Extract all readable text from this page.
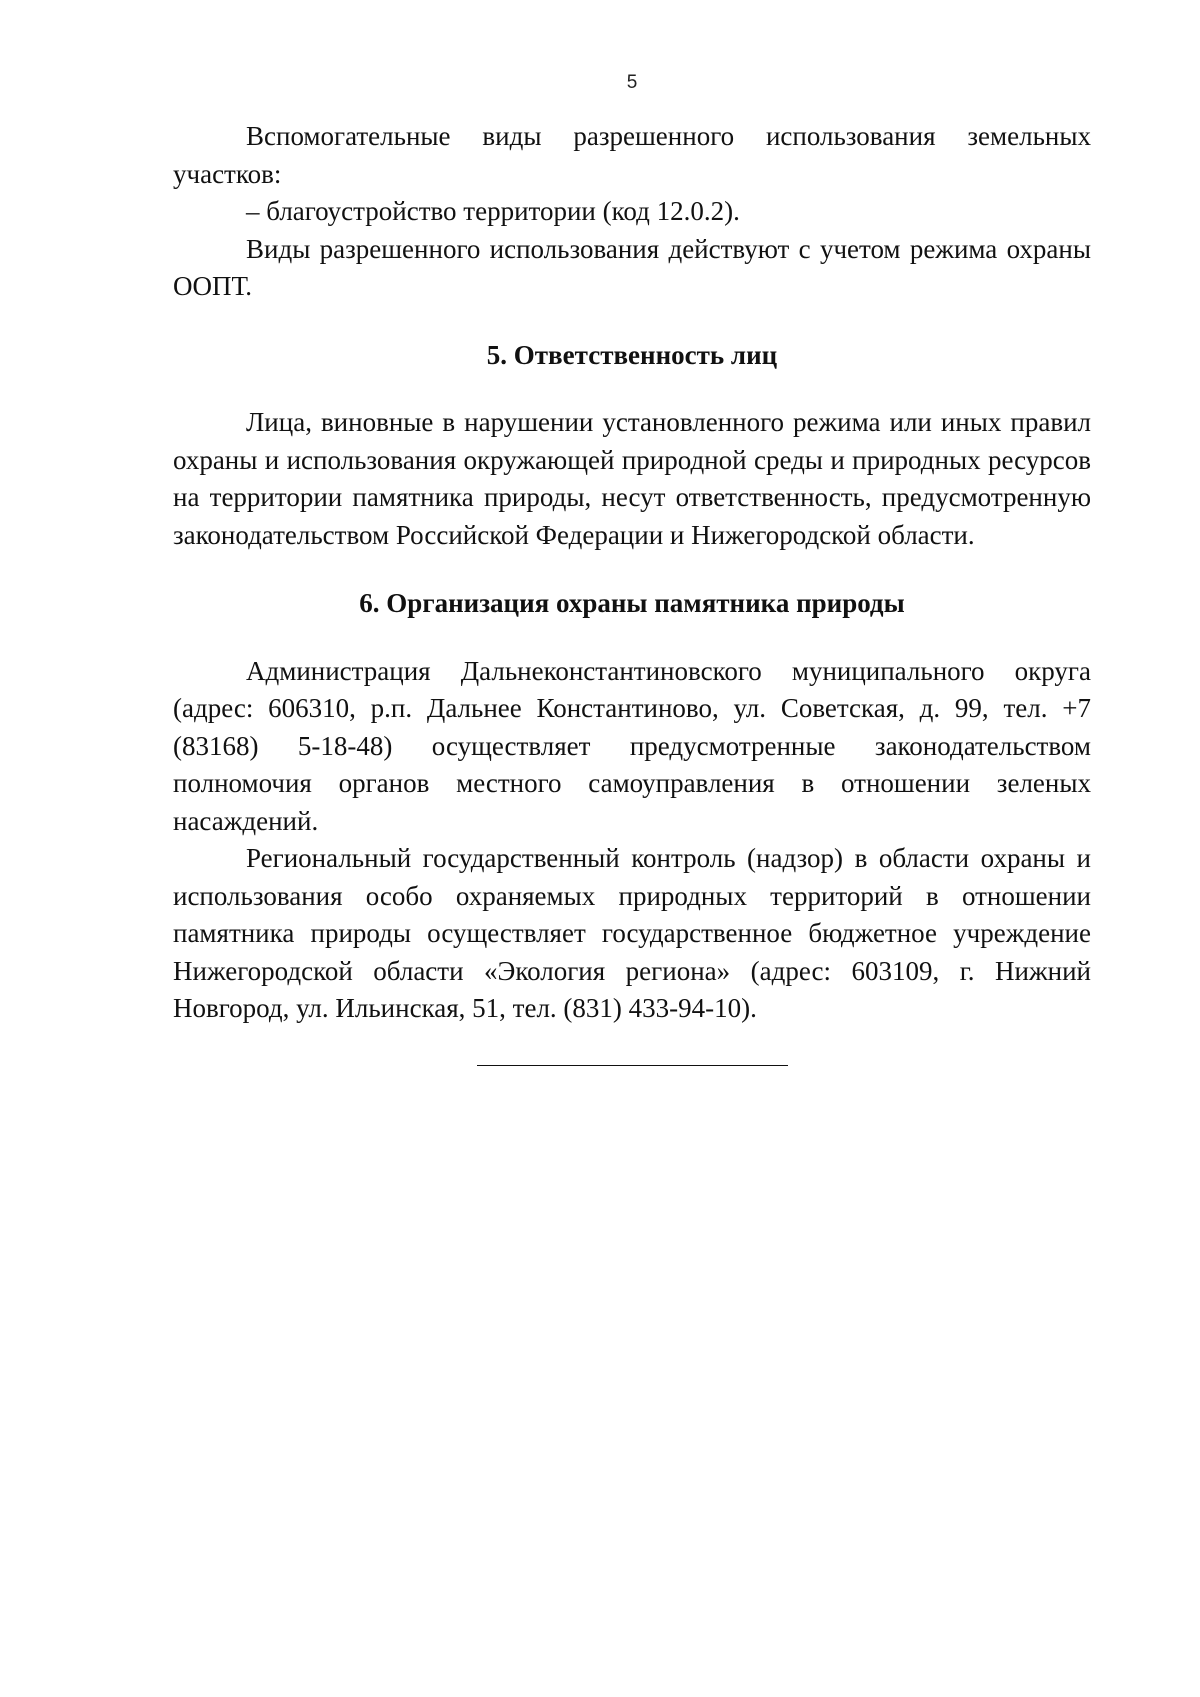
5

Вспомогательные виды разрешенного использования земельных участков:

– благоустройство территории (код 12.0.2).

Виды разрешенного использования действуют с учетом режима охраны ООПТ.

5. Ответственность лиц

Лица, виновные в нарушении установленного режима или иных правил охраны и использования окружающей природной среды и природных ресурсов на территории памятника природы, несут ответственность, предусмотренную законодательством Российской Федерации и Нижегородской области.

6. Организация охраны памятника природы

Администрация Дальнеконстантиновского муниципального округа (адрес: 606310, р.п. Дальнее Константиново, ул. Советская, д. 99, тел. +7 (83168) 5-18-48) осуществляет предусмотренные законодательством полномочия органов местного самоуправления в отношении зеленых насаждений.

Региональный государственный контроль (надзор) в области охраны и использования особо охраняемых природных территорий в отношении памятника природы осуществляет государственное бюджетное учреждение Нижегородской области «Экология региона» (адрес: 603109, г. Нижний Новгород, ул. Ильинская, 51, тел. (831) 433-94-10).
